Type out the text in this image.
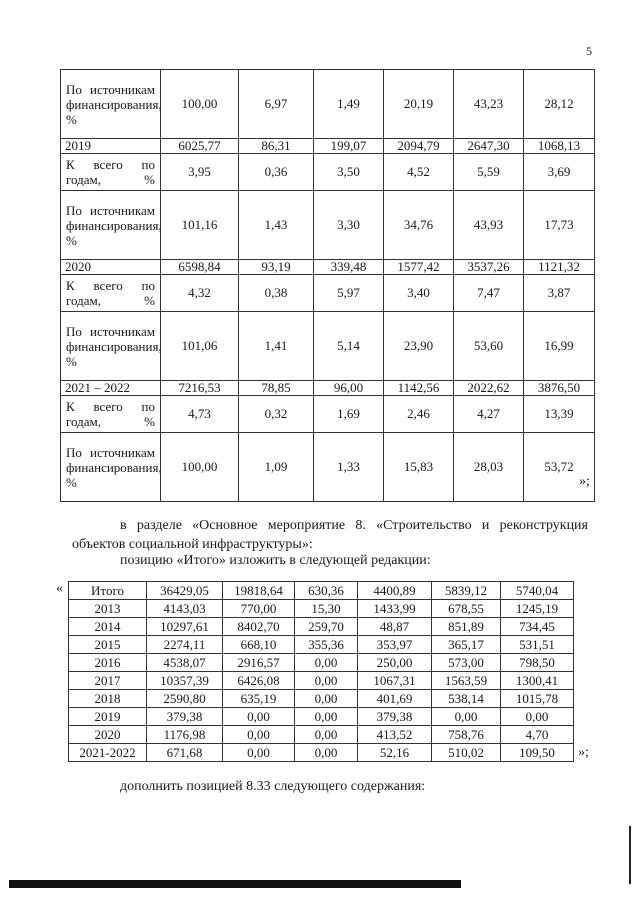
5
По источникам финансирования, %	100,00	6,97	1,49	20,19	43,23	28,12
2019	6025,77	86,31	199,07	2094,79	2647,30	1068,13
К всего по годам, %	3,95	0,36	3,50	4,52	5,59	3,69
По источникам финансирования, %	101,16	1,43	3,30	34,76	43,93	17,73
2020	6598,84	93,19	339,48	1577,42	3537,26	1121,32
К всего по годам, %	4,32	0,38	5,97	3,40	7,47	3,87
По источникам финансирования, %	101,06	1,41	5,14	23,90	53,60	16,99
2021 – 2022	7216,53	78,85	96,00	1142,56	2022,62	3876,50
К всего по годам, %	4,73	0,32	1,69	2,46	4,27	13,39
По источникам финансирования, %	100,00	1,09	1,33	15,83	28,03	53,72
»;
в разделе «Основное мероприятие 8. «Строительство и реконструкция объектов социальной инфраструктуры»:
позицию «Итого» изложить в следующей редакции:
« Итого	36429,05	19818,64	630,36	4400,89	5839,12	5740,04
2013	4143,03	770,00	15,30	1433,99	678,55	1245,19
2014	10297,61	8402,70	259,70	48,87	851,89	734,45
2015	2274,11	668,10	355,36	353,97	365,17	531,51
2016	4538,07	2916,57	0,00	250,00	573,00	798,50
2017	10357,39	6426,08	0,00	1067,31	1563,59	1300,41
2018	2590,80	635,19	0,00	401,69	538,14	1015,78
2019	379,38	0,00	0,00	379,38	0,00	0,00
2020	1176,98	0,00	0,00	413,52	758,76	4,70
2021-2022	671,68	0,00	0,00	52,16	510,02	109,50 »;
дополнить позицией 8.33 следующего содержания:
